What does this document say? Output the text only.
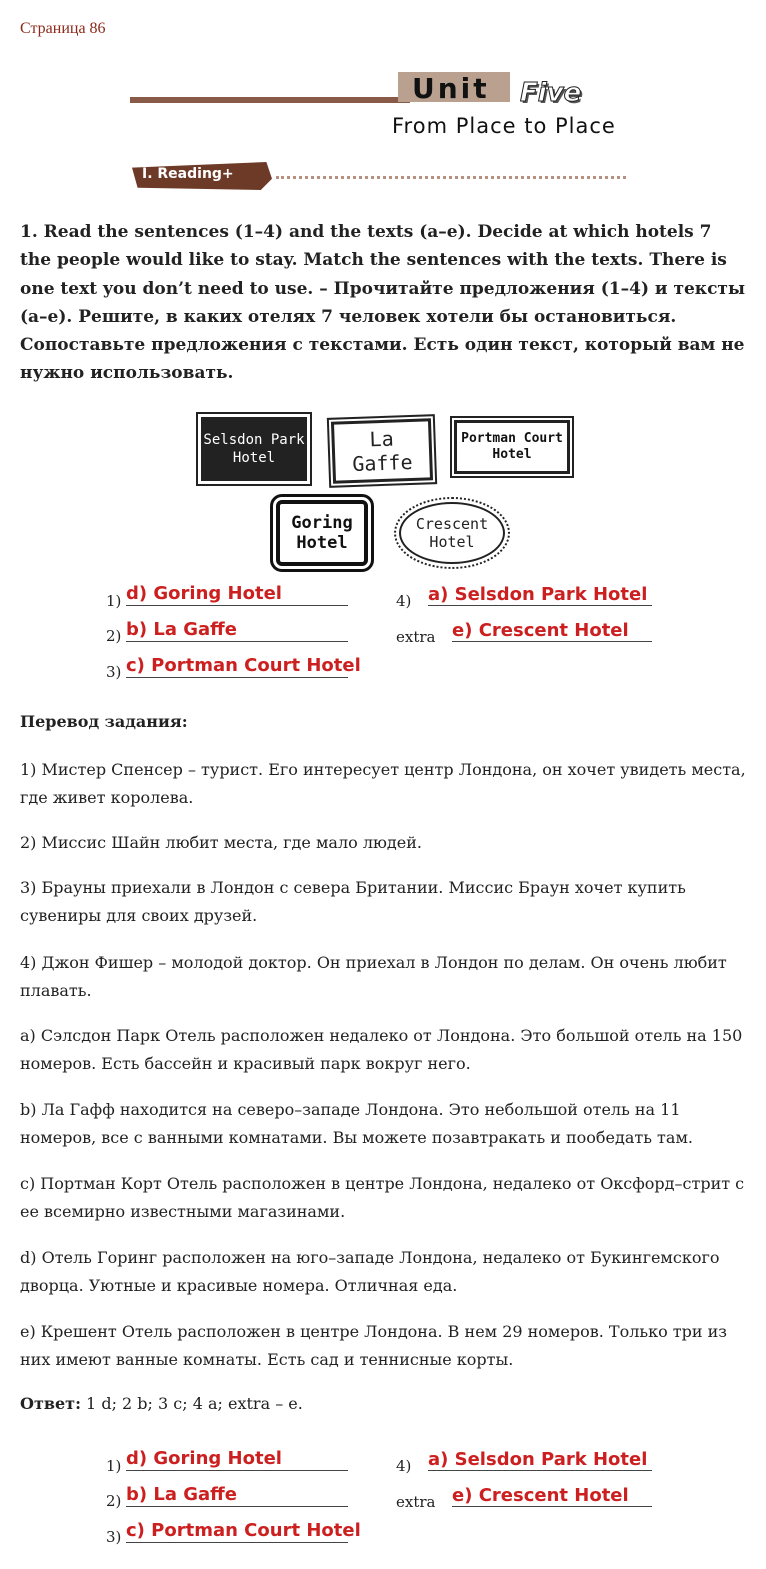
Страница 86
Unit Five
From Place to Place
I. Reading+
1. Read the sentences (1–4) and the texts (a–e). Decide at which hotels 7 the people would like to stay. Match the sentences with the texts. There is one text you don’t need to use. – Прочитайте предложения (1–4) и тексты (a–e). Решите, в каких отелях 7 человек хотели бы остановиться. Сопоставьте предложения с текстами. Есть один текст, который вам не нужно использовать.
Selsdon Park
Hotel
La Gaffe
Portman Court
Hotel
Goring
Hotel
Crescent
Hotel
1) d) Goring Hotel
2) b) La Gaffe
3) c) Portman Court Hotel
4) a) Selsdon Park Hotel
extra e) Crescent Hotel
Перевод задания:
1) Мистер Спенсер – турист. Его интересует центр Лондона, он хочет увидеть места, где живет королева.
2) Миссис Шайн любит места, где мало людей.
3) Брауны приехали в Лондон с севера Британии. Миссис Браун хочет купить сувениры для своих друзей.
4) Джон Фишер – молодой доктор. Он приехал в Лондон по делам. Он очень любит плавать.
a) Сэлсдон Парк Отель расположен недалеко от Лондона. Это большой отель на 150 номеров. Есть бассейн и красивый парк вокруг него.
b) Ла Гафф находится на северо–западе Лондона. Это небольшой отель на 11 номеров, все с ванными комнатами. Вы можете позавтракать и пообедать там.
c) Портман Корт Отель расположен в центре Лондона, недалеко от Оксфорд–стрит с ее всемирно известными магазинами.
d) Отель Горинг расположен на юго–западе Лондона, недалеко от Букингемского дворца. Уютные и красивые номера. Отличная еда.
e) Крешент Отель расположен в центре Лондона. В нем 29 номеров. Только три из них имеют ванные комнаты. Есть сад и теннисные корты.
Ответ: 1 d; 2 b; 3 c; 4 a; extra – e.
1) d) Goring Hotel
2) b) La Gaffe
3) c) Portman Court Hotel
4) a) Selsdon Park Hotel
extra e) Crescent Hotel
